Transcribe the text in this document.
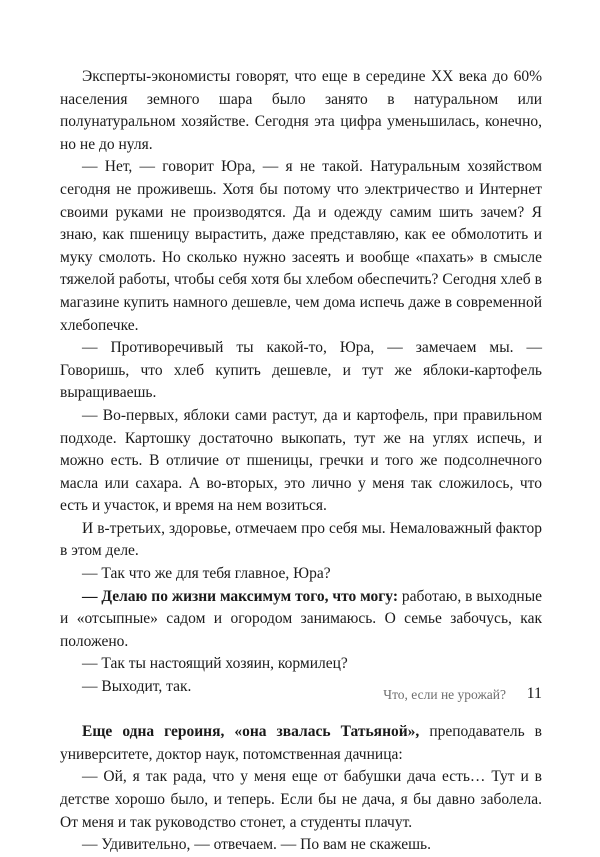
Эксперты-экономисты говорят, что еще в середине XX века до 60% населения земного шара было занято в натуральном или полунатуральном хозяйстве. Сегодня эта цифра уменьшилась, конечно, но не до нуля.

— Нет, — говорит Юра, — я не такой. Натуральным хозяйством сегодня не проживешь. Хотя бы потому что электричество и Интернет своими руками не производятся. Да и одежду самим шить зачем? Я знаю, как пшеницу вырастить, даже представляю, как ее обмолотить и муку смолоть. Но сколько нужно засеять и вообще «пахать» в смысле тяжелой работы, чтобы себя хотя бы хлебом обеспечить? Сегодня хлеб в магазине купить намного дешевле, чем дома испечь даже в современной хлебопечке.

— Противоречивый ты какой-то, Юра, — замечаем мы. — Говоришь, что хлеб купить дешевле, и тут же яблоки-картофель выращиваешь.

— Во-первых, яблоки сами растут, да и картофель, при правильном подходе. Картошку достаточно выкопать, тут же на углях испечь, и можно есть. В отличие от пшеницы, гречки и того же подсолнечного масла или сахара. А во-вторых, это лично у меня так сложилось, что есть и участок, и время на нем возиться.

И в-третьих, здоровье, отмечаем про себя мы. Немаловажный фактор в этом деле.

— Так что же для тебя главное, Юра?

— Делаю по жизни максимум того, что могу: работаю, в выходные и «отсыпные» садом и огородом занимаюсь. О семье забочусь, как положено.

— Так ты настоящий хозяин, кормилец?

— Выходит, так.

Еще одна героиня, «она звалась Татьяной», преподаватель в университете, доктор наук, потомственная дачница:

— Ой, я так рада, что у меня еще от бабушки дача есть… Тут и в детстве хорошо было, и теперь. Если бы не дача, я бы давно заболела. От меня и так руководство стонет, а студенты плачут.

— Удивительно, — отвечаем. — По вам не скажешь.

Что, если не урожай? 11
